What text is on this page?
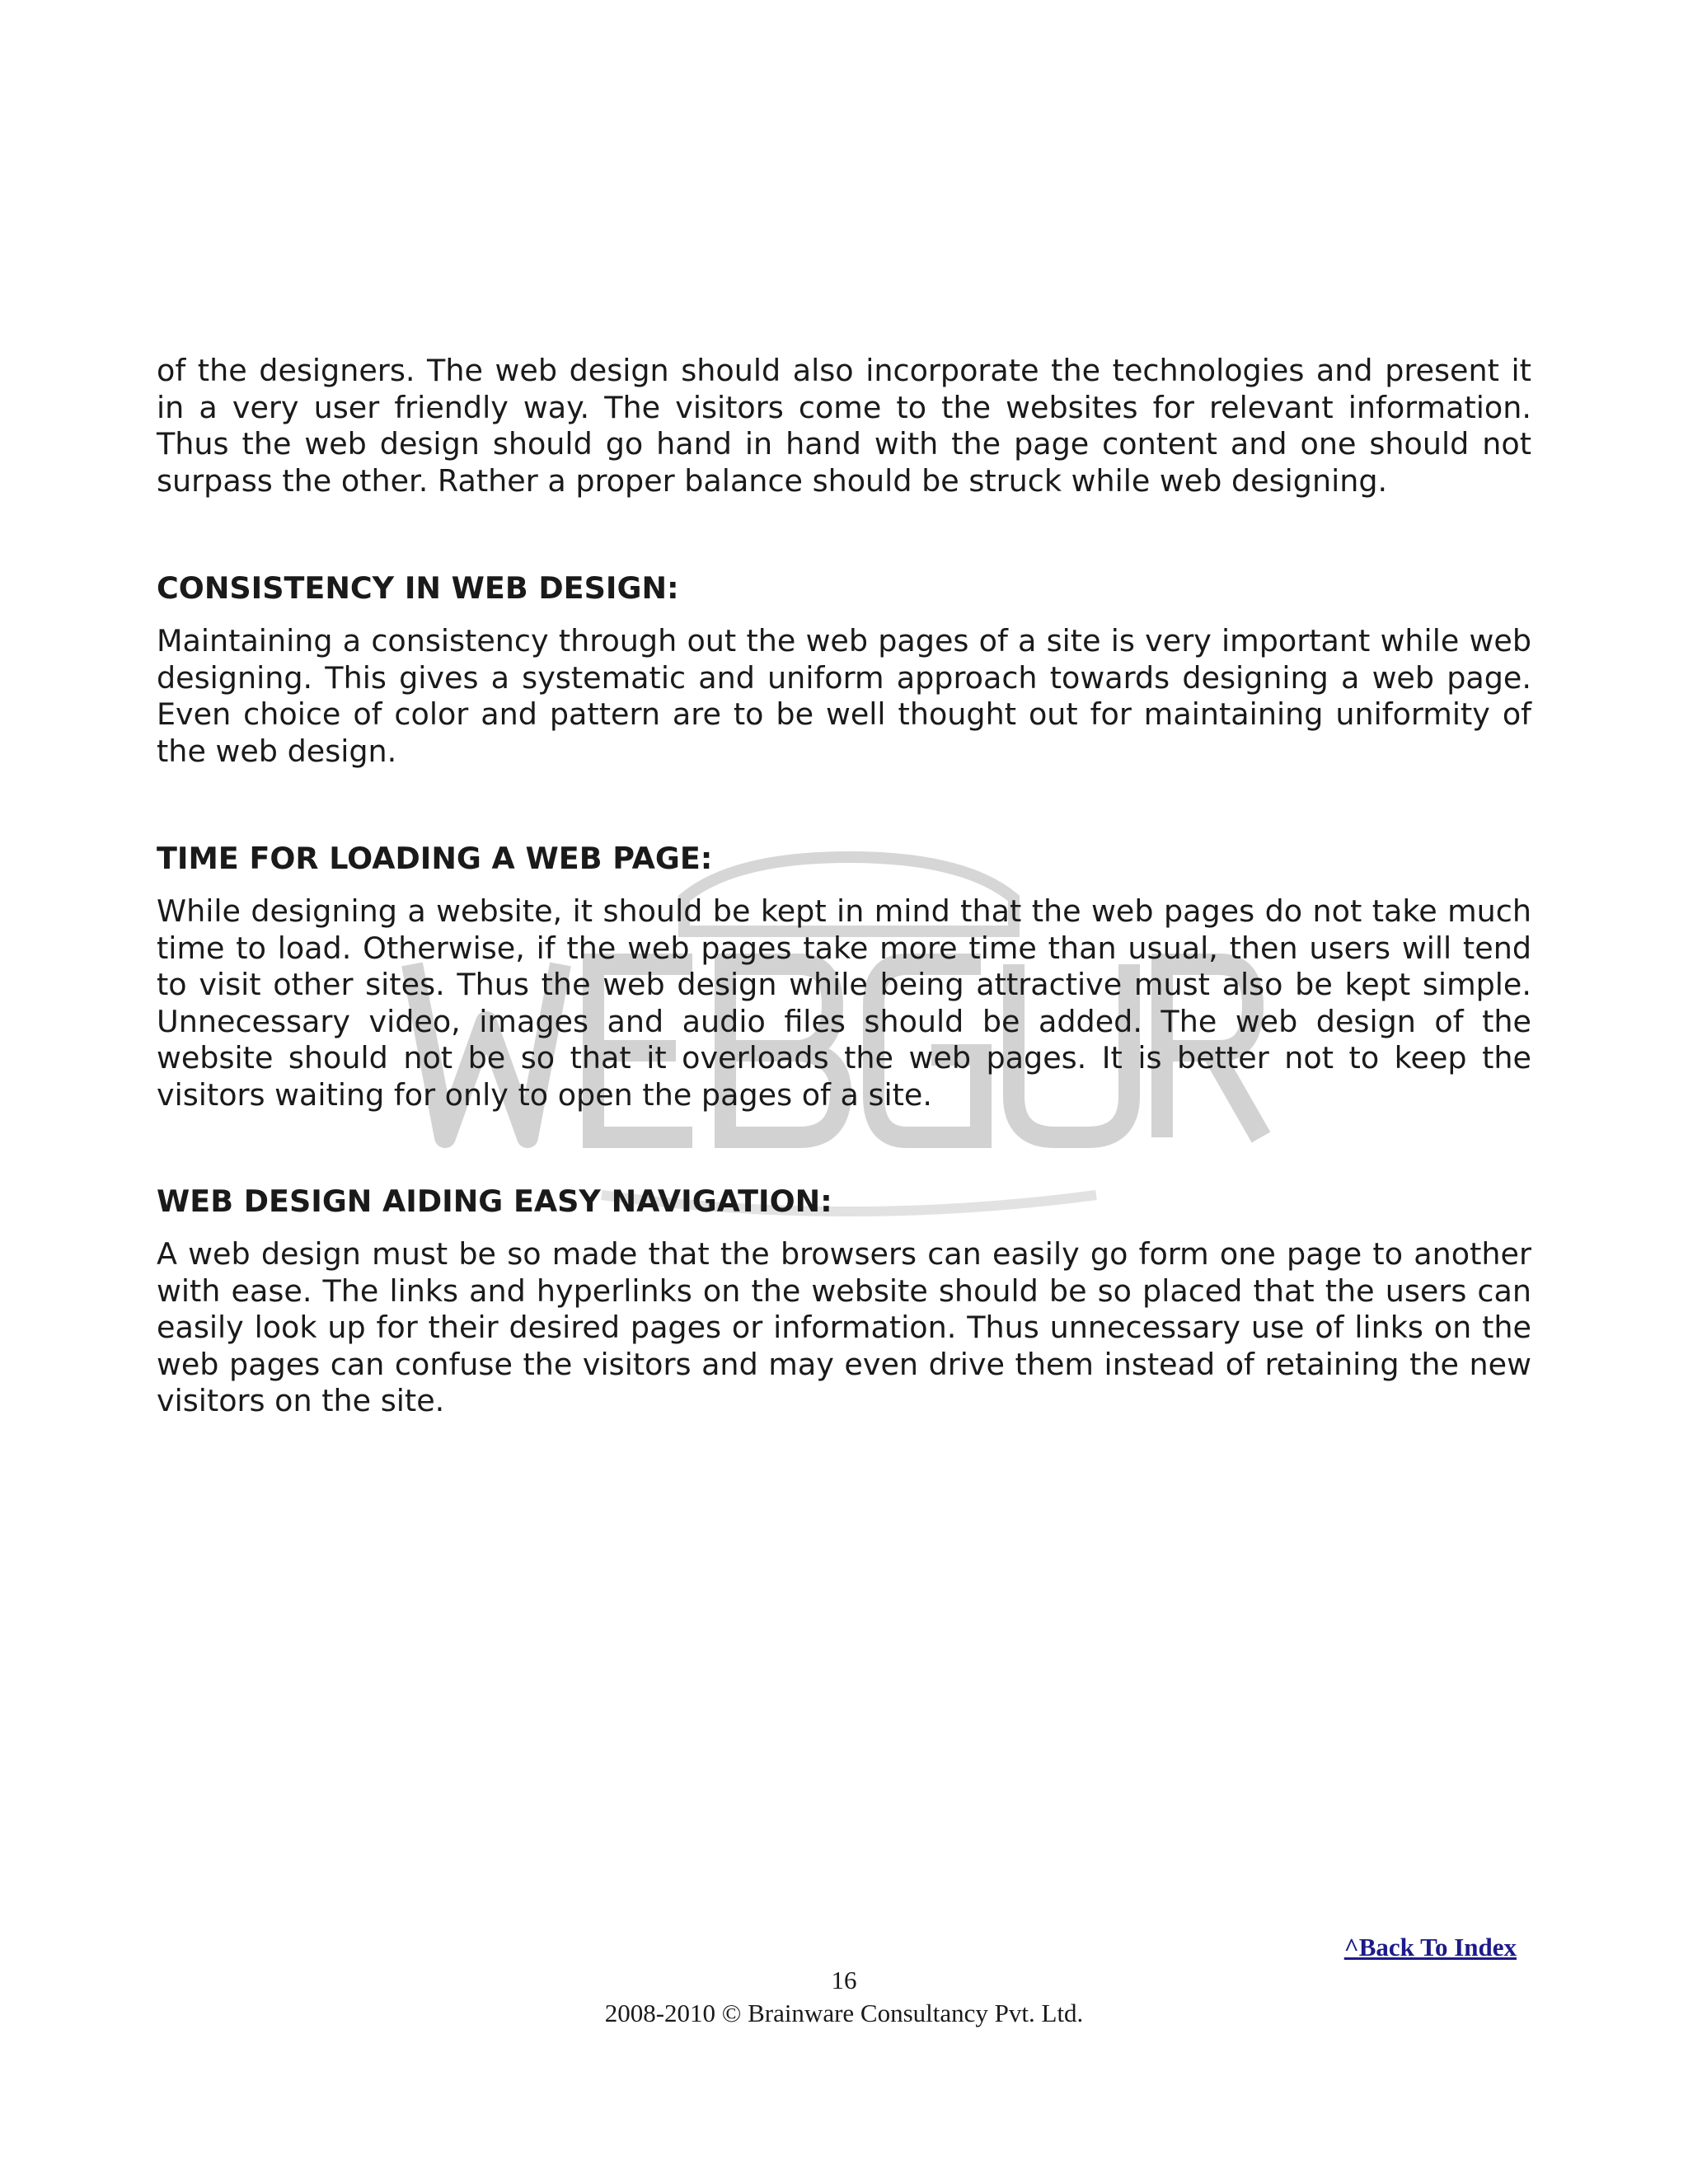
of the designers. The web design should also incorporate the technologies and present it in a very user friendly way. The visitors come to the websites for relevant information. Thus the web design should go hand in hand with the page content and one should not surpass the other. Rather a proper balance should be struck while web designing.

CONSISTENCY IN WEB DESIGN:

Maintaining a consistency through out the web pages of a site is very important while web designing. This gives a systematic and uniform approach towards designing a web page. Even choice of color and pattern are to be well thought out for maintaining uniformity of the web design.

TIME FOR LOADING A WEB PAGE:

While designing a website, it should be kept in mind that the web pages do not take much time to load. Otherwise, if the web pages take more time than usual, then users will tend to visit other sites. Thus the web design while being attractive must also be kept simple. Unnecessary video, images and audio files should be added. The web design of the website should not be so that it overloads the web pages. It is better not to keep the visitors waiting for only to open the pages of a site.

WEB DESIGN AIDING EASY NAVIGATION:

A web design must be so made that the browsers can easily go form one page to another with ease. The links and hyperlinks on the website should be so placed that the users can easily look up for their desired pages or information. Thus unnecessary use of links on the web pages can confuse the visitors and may even drive them instead of retaining the new visitors on the site.

^Back To Index
16
2008-2010 © Brainware Consultancy Pvt. Ltd.
